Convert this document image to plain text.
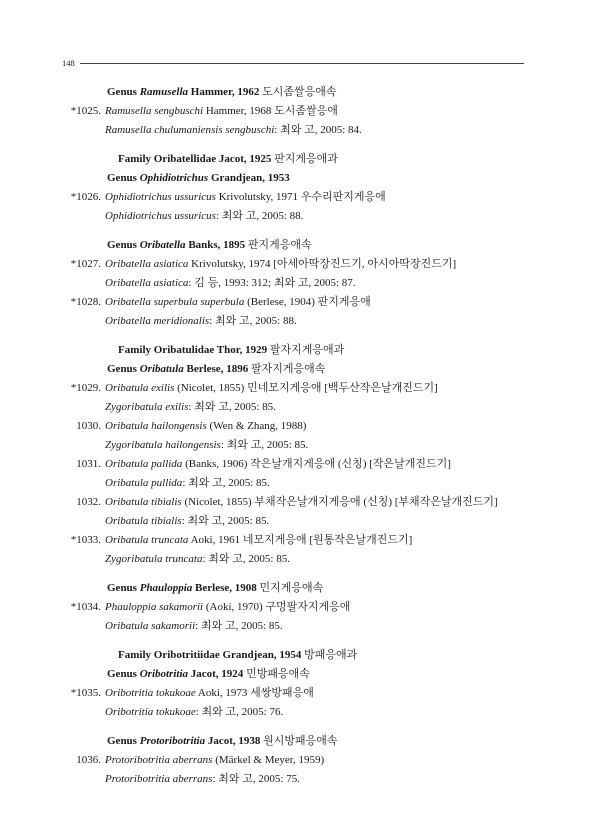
148
Genus Ramusella Hammer, 1962 도시좀쌀응애속
*1025. Ramusella sengbuschi Hammer, 1968 도시좀쌀응애
Ramusella chulumaniensis sengbuschi: 최와 고, 2005: 84.
Family Oribatellidae Jacot, 1925 판지게응애과
Genus Ophidiotrichus Grandjean, 1953
*1026. Ophidiotrichus ussuricus Krivolutsky, 1971 우수리판지게응애
Ophidiotrichus ussuricus: 최와 고, 2005: 88.
Genus Oribatella Banks, 1895 판지게응애속
*1027. Oribatella asiatica Krivolutsky, 1974 [아세아딱장진드기, 아시아딱장진드기]
Oribatella asiatica: 김 등, 1993: 312; 최와 고, 2005: 87.
*1028. Oribatella superbula superbula (Berlese, 1904) 판지게응애
Oribatella meridionalis: 최와 고, 2005: 88.
Family Oribatulidae Thor, 1929 팔자지게응애과
Genus Oribatula Berlese, 1896 팔자지게응애속
*1029. Oribatula exilis (Nicolet, 1855) 민네모지게응애 [백두산작은날개진드기]
Zygoribatula exilis: 최와 고, 2005: 85.
1030. Oribatula hailongensis (Wen & Zhang, 1988)
Zygoribatula hailongensis: 최와 고, 2005: 85.
1031. Oribatula pallida (Banks, 1906) 작은날개지게응애 (신칭) [작은날개진드기]
Oribatula pullida: 최와 고, 2005: 85.
1032. Oribatula tibialis (Nicolet, 1855) 부채작은날개지게응애 (신칭) [부채작은날개진드기]
Oribatula tibialis: 최와 고, 2005: 85.
*1033. Oribatula truncata Aoki, 1961 네모지게응애 [원통작은날개진드기]
Zygoribatula truncata: 최와 고, 2005: 85.
Genus Phauloppia Berlese, 1908 민지게응애속
*1034. Phauloppia sakamorii (Aoki, 1970) 구멍팔자지게응애
Oribatula sakamorii: 최와 고, 2005: 85.
Family Oribotritiidae Grandjean, 1954 방패응애과
Genus Oribotritia Jacot, 1924 민방패응애속
*1035. Oribotritia tokukoae Aoki, 1973 세쌍방패응애
Oribotritia tokukoae: 최와 고, 2005: 76.
Genus Protoribotritia Jacot, 1938 원시방패응애속
1036. Protoribotritia aberrans (Märkel & Meyer, 1959)
Protoribotritia aberrans: 최와 고, 2005: 75.
